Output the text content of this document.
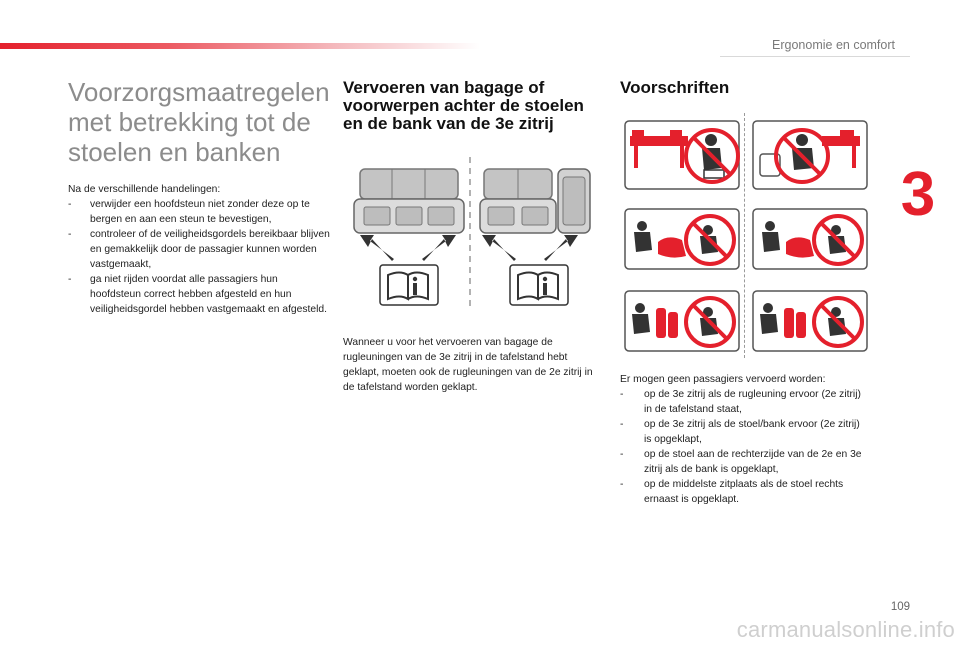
Ergonomie en comfort
3
Voorzorgsmaatregelen met betrekking tot de stoelen en banken
Na de verschillende handelingen:
- verwijder een hoofdsteun niet zonder deze op te bergen en aan een steun te bevestigen,
- controleer of de veiligheidsgordels bereikbaar blijven en gemakkelijk door de passagier kunnen worden vastgemaakt,
- ga niet rijden voordat alle passagiers hun hoofdsteun correct hebben afgesteld en hun veiligheidsgordel hebben vastgemaakt en afgesteld.
Vervoeren van bagage of voorwerpen achter de stoelen en de bank van de 3e zitrij
Wanneer u voor het vervoeren van bagage de rugleuningen van de 3e zitrij in de tafelstand hebt geklapt, moeten ook de rugleuningen van de 2e zitrij in de tafelstand worden geklapt.
Voorschriften
Er mogen geen passagiers vervoerd worden:
- op de 3e zitrij als de rugleuning ervoor (2e zitrij) in de tafelstand staat,
- op de 3e zitrij als de stoel/bank ervoor (2e zitrij) is opgeklapt,
- op de stoel aan de rechterzijde van de 2e en 3e zitrij als de bank is opgeklapt,
- op de middelste zitplaats als de stoel rechts ernaast is opgeklapt.
109
carmanualsonline.info
